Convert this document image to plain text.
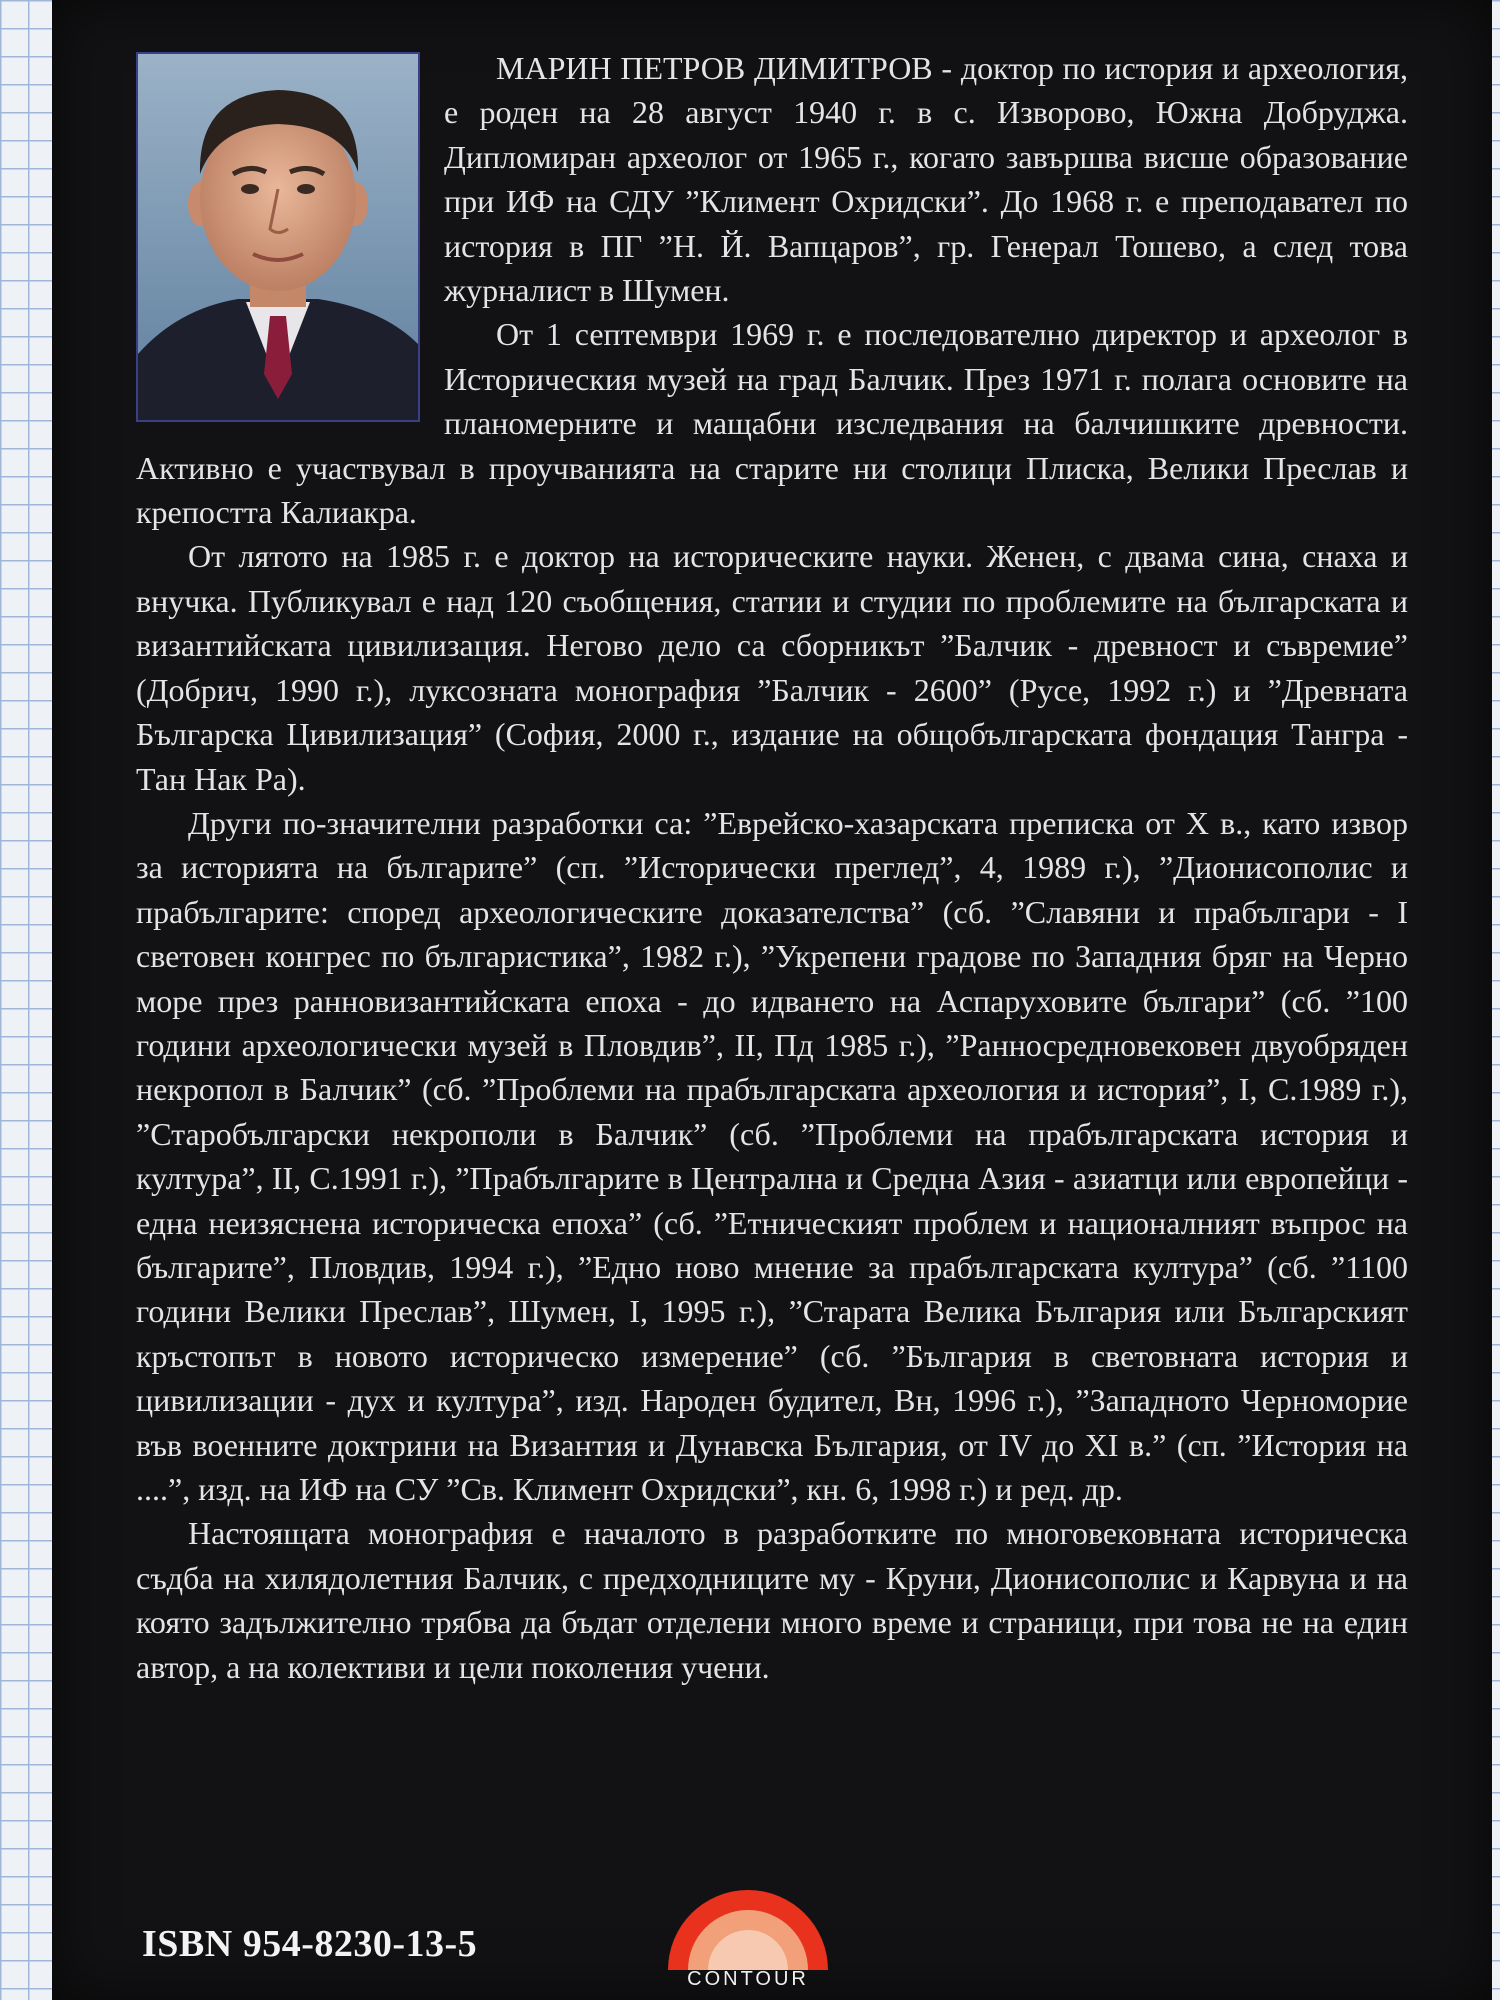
МАРИН ПЕТРОВ ДИМИТРОВ - доктор по история и археология, е роден на 28 август 1940 г. в с. Изворово, Южна Добруджа. Дипломиран археолог от 1965 г., когато завършва висше образование при ИФ на СДУ ”Климент Охридски”. До 1968 г. е преподавател по история в ПГ ”Н. Й. Вапцаров”, гр. Генерал Тошево, а след това журналист в Шумен.

От 1 септември 1969 г. е последователно директор и археолог в Историческия музей на град Балчик. През 1971 г. полага основите на планомерните и мащабни изследвания на балчишките древности. Активно е участвувал в проучванията на старите ни столици Плиска, Велики Преслав и крепостта Калиакра.

От лятото на 1985 г. е доктор на историческите науки. Женен, с двама сина, снаха и внучка. Публикувал е над 120 съобщения, статии и студии по проблемите на българската и византийската цивилизация. Негово дело са сборникът ”Балчик - древност и съвремие” (Добрич, 1990 г.), луксозната монография ”Балчик - 2600” (Русе, 1992 г.) и ”Древната Българска Цивилизация” (София, 2000 г., издание на общобългарската фондация Тангра - Тан Нак Ра).

Други по-значителни разработки са: ”Еврейско-хазарската преписка от X в., като извор за историята на българите” (сп. ”Исторически преглед”, 4, 1989 г.), ”Дионисополис и прабългарите: според археологическите доказателства” (сб. ”Славяни и прабългари - I световен конгрес по българистика”, 1982 г.), ”Укрепени градове по Западния бряг на Черно море през ранновизантийската епоха - до идването на Аспаруховите българи” (сб. ”100 години археологически музей в Пловдив”, II, Пд 1985 г.), ”Ранносредновековен двуобряден некропол в Балчик” (сб. ”Проблеми на прабългарската археология и история”, I, С.1989 г.), ”Старобългарски некрополи в Балчик” (сб. ”Проблеми на прабългарската история и култура”, II, С.1991 г.), ”Прабългарите в Централна и Средна Азия - азиатци или европейци - една неизяснена историческа епоха” (сб. ”Етническият проблем и националният въпрос на българите”, Пловдив, 1994 г.), ”Едно ново мнение за прабългарската култура” (сб. ”1100 години Велики Преслав”, Шумен, I, 1995 г.), ”Старата Велика България или Българският кръстопът в новото историческо измерение” (сб. ”България в световната история и цивилизации - дух и култура”, изд. Народен будител, Вн, 1996 г.), ”Западното Черноморие във военните доктрини на Византия и Дунавска България, от IV до XI в.” (сп. ”История на ....”, изд. на ИФ на СУ ”Св. Климент Охридски”, кн. 6, 1998 г.) и ред. др.

Настоящата монография е началото в разработките по многовековната историческа съдба на хилядолетния Балчик, с предходниците му - Круни, Дионисополис и Карвуна и на която задължително трябва да бъдат отделени много време и страници, при това не на един автор, а на колективи и цели поколения учени.

ISBN 954-8230-13-5
CONTOUR
